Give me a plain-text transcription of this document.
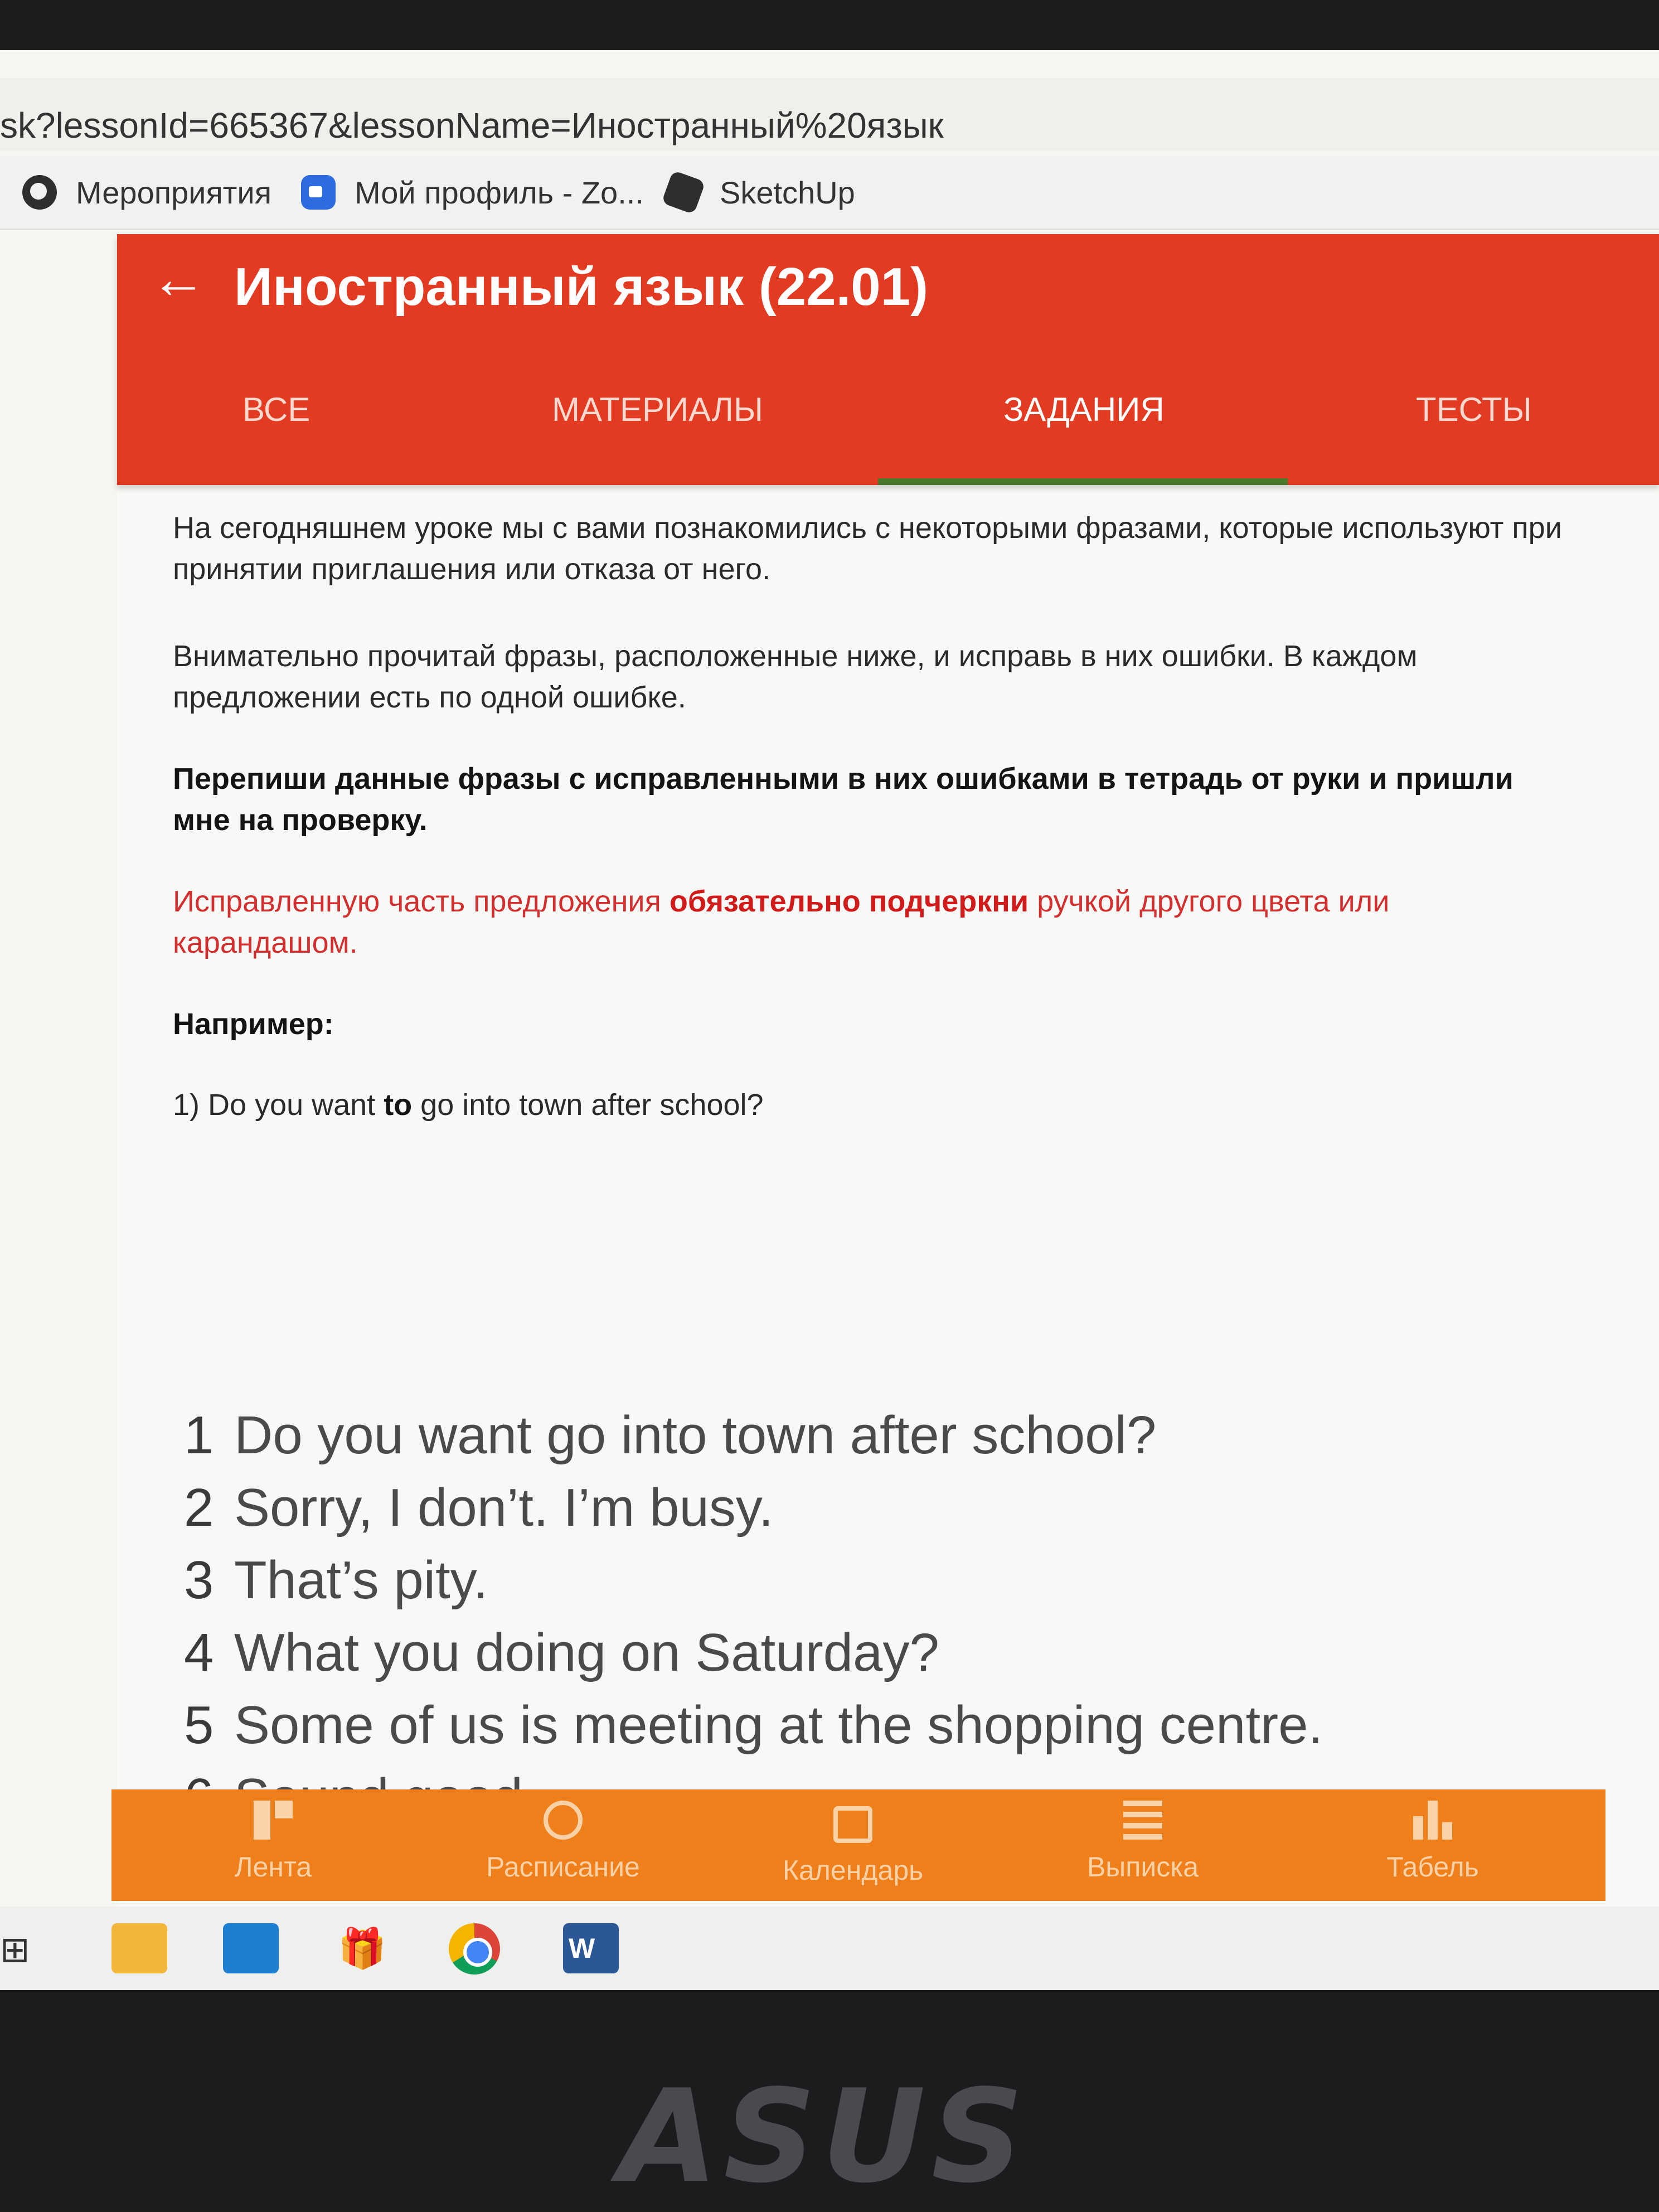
sk?lessonId=665367&lessonName=Иностранный%20язык
Мероприятия	Мой профиль - Zo... SketchUp
← Иностранный язык (22.01)
ВСЕ	МАТЕРИАЛЫ	ЗАДАНИЯ	ТЕСТЫ

На сегодняшнем уроке мы с вами познакомились с некоторыми фразами, которые используют при принятии приглашения или отказа от него.

Внимательно прочитай фразы, расположенные ниже, и исправь в них ошибки. В каждом предложении есть по одной ошибке.

Перепиши данные фразы с исправленными в них ошибками в тетрадь от руки и пришли мне на проверку.

Исправленную часть предложения обязательно подчеркни ручкой другого цвета или карандашом.

Например:

1) Do you want to go into town after school?

1 Do you want go into town after school?
2 Sorry, I don’t. I’m busy.
3 That’s pity.
4 What you doing on Saturday?
5 Some of us is meeting at the shopping centre.
Лента	Расписание	Календарь	Выписка	Табель
⊞	🎁	W
ASUS
